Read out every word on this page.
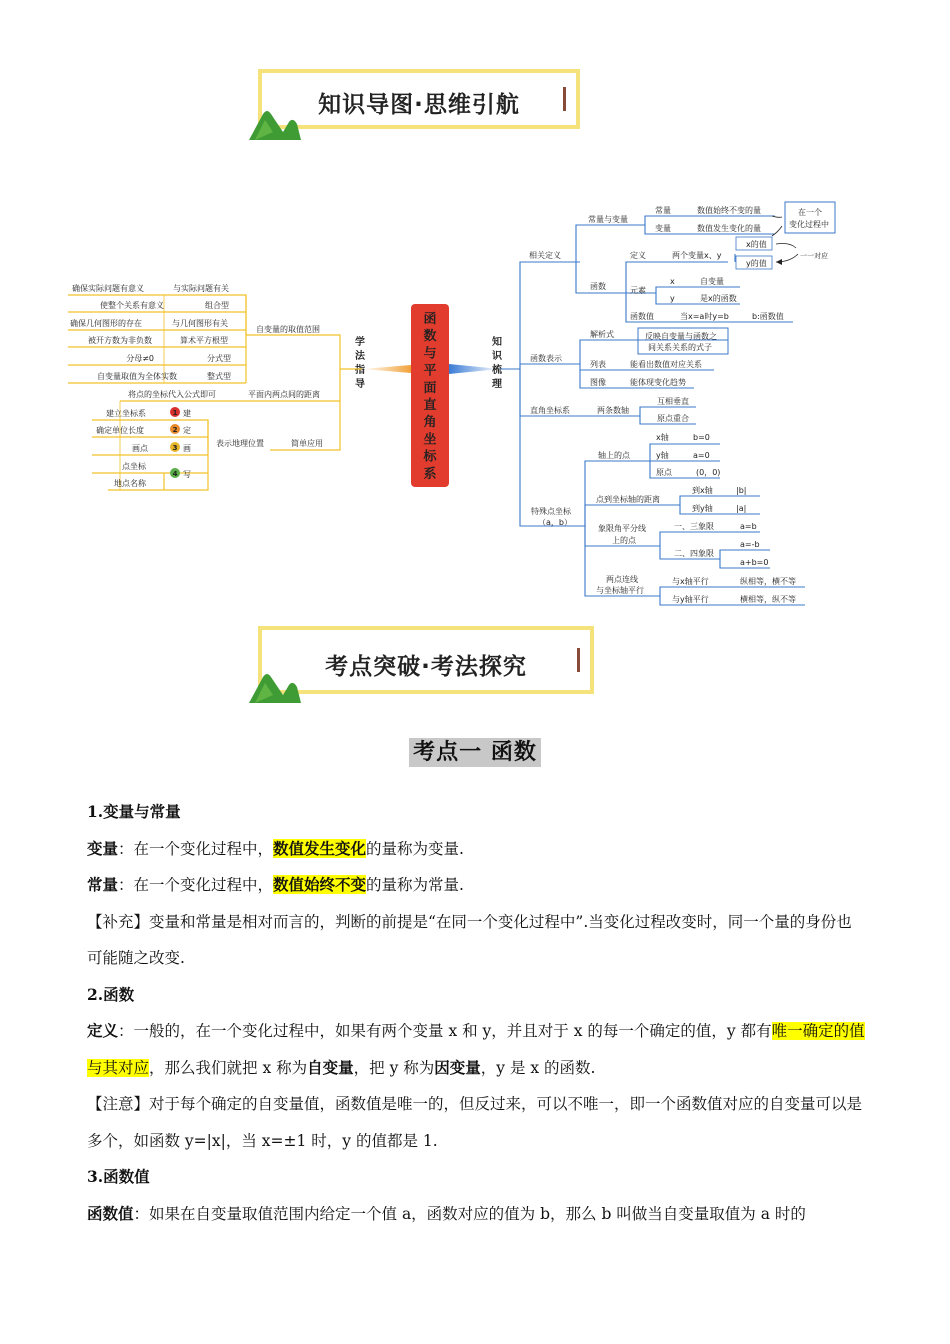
知识导图·思维引航
函
数
与
平
面
直
角
坐
标
系
学
法
指
导
知
识
梳
理
1
2
3
4
确保实际问题有意义	与实际问题有关
使整个关系有意义	组合型
确保几何图形的存在	与几何图形有关
被开方数为非负数	算术平方根型
分母≠0	分式型
自变量取值为全体实数	整式型
自变量的取值范围
将点的坐标代入公式即可	平面内两点间的距离
简单应用
表示地理位置
建立坐标系	建
确定单位长度	定
画点	画
点坐标
写
地点名称
相关定义
常量与变量
常量	数值始终不变的量
变量	数值发生变化的量
在一个
变化过程中
函数
定义	两个变量x、y
x的值
y的值
一一对应
元素
x	自变量
y	是x的函数
函数值	当x=a时y=b	b:函数值
函数表示
解析式	反映自变量与函数之
间关系关系的式子
列表	能看出数值对应关系
图像	能体现变化趋势
直角坐标系	两条数轴
互相垂直
原点重合
特殊点坐标
（a，b）
轴上的点
x轴	b=0
y轴	a=0
原点	(0，0)
点到坐标轴的距离
到x轴	|b|
到y轴	|a|
象限角平分线
上的点
一、三象限	a=b
二、四象限
a=-b
a+b=0
两点连线
与坐标轴平行
与x轴平行	纵相等，横不等
与y轴平行	横相等，纵不等
考点突破·考法探究
考点一 函数

1.变量与常量

变量：在一个变化过程中，数值发生变化的量称为变量.

常量：在一个变化过程中，数值始终不变的量称为常量.

【补充】变量和常量是相对而言的，判断的前提是“在同一个变化过程中”.当变化过程改变时，同一个量的身份也可能随之改变.

2.函数

定义：一般的，在一个变化过程中，如果有两个变量 x 和 y，并且对于 x 的每一个确定的值，y 都有唯一确定的值与其对应，那么我们就把 x 称为自变量，把 y 称为因变量，y 是 x 的函数.

【注意】对于每个确定的自变量值，函数值是唯一的，但反过来，可以不唯一，即一个函数值对应的自变量可以是多个，如函数 y=|x|，当 x=±1 时，y 的值都是 1.

3.函数值

函数值：如果在自变量取值范围内给定一个值 a，函数对应的值为 b，那么 b 叫做当自变量取值为 a 时的
